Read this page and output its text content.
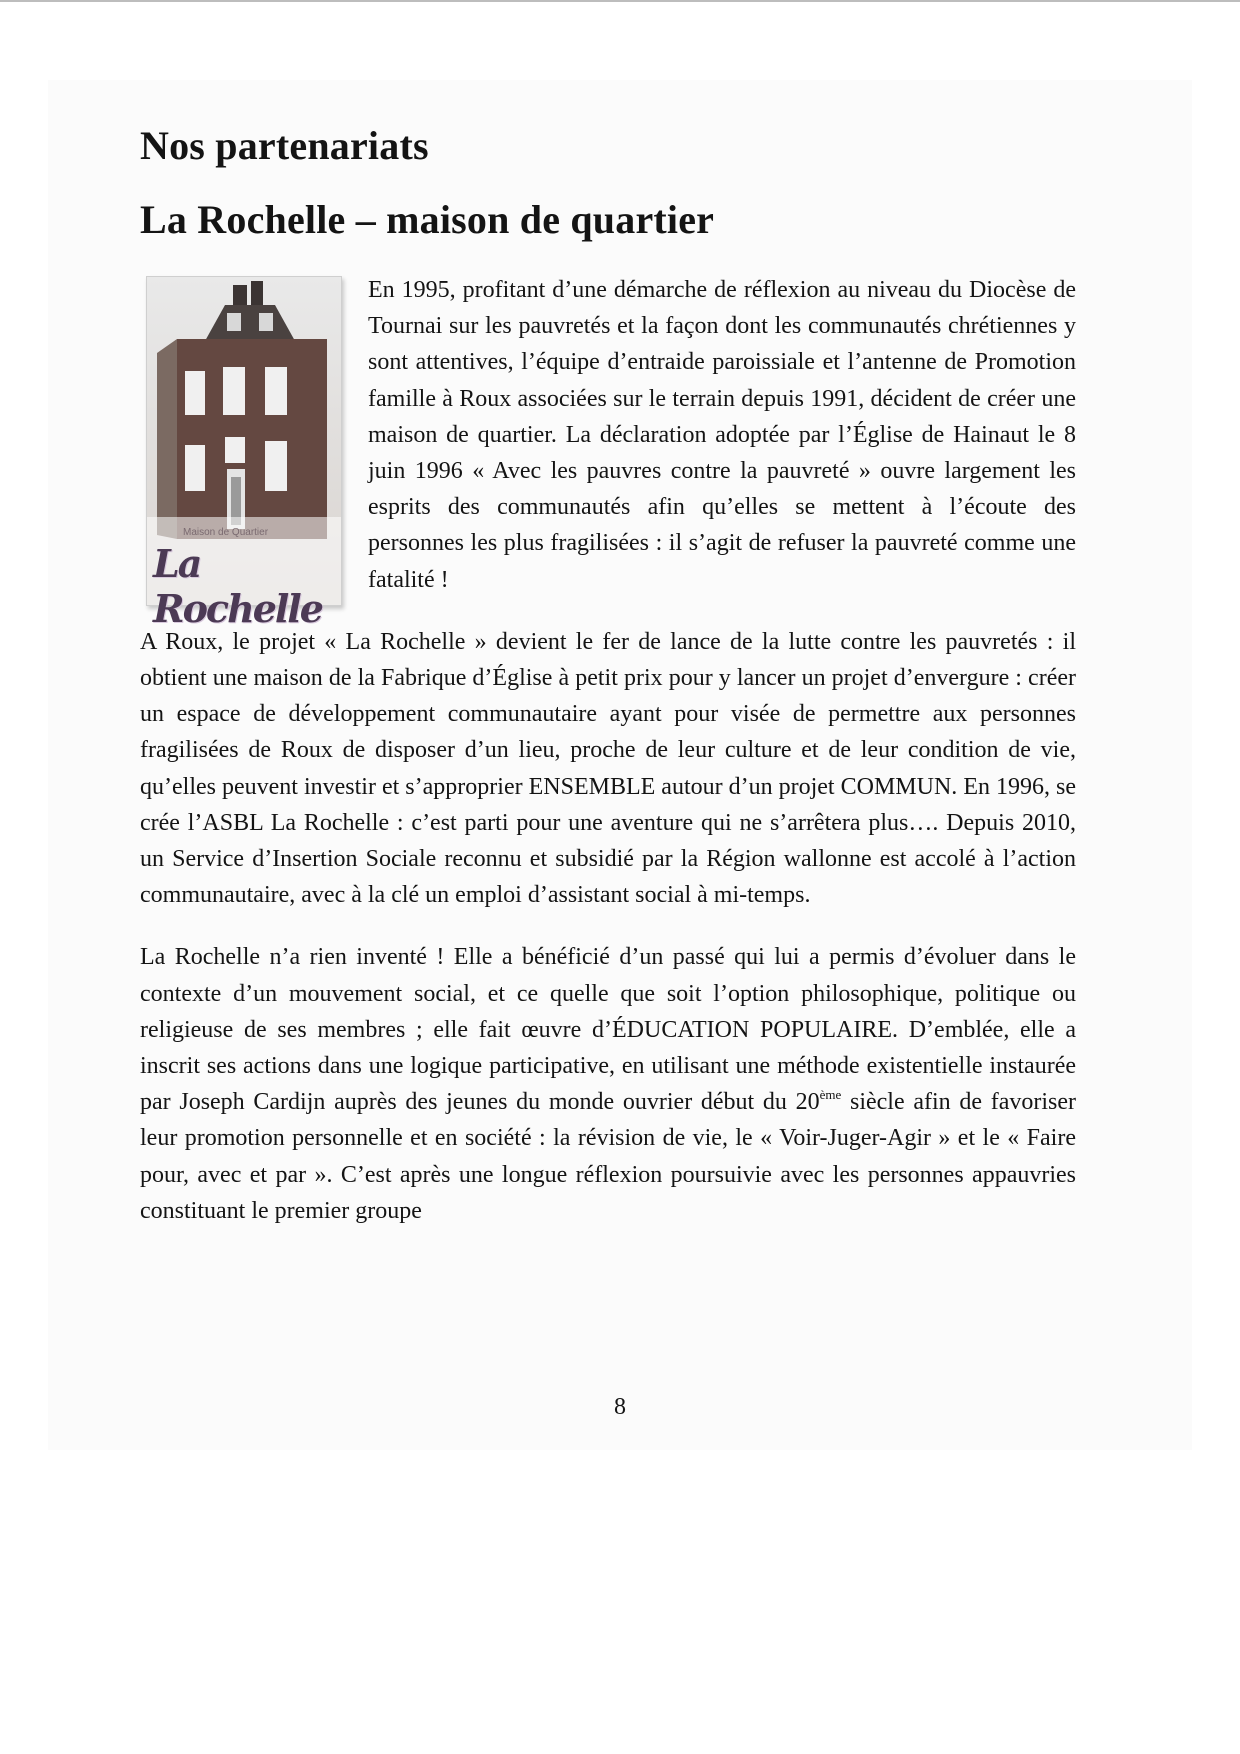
Nos partenariats
La Rochelle – maison de quartier
Maison de Quartier
La Rochelle

En 1995, profitant d’une démarche de réflexion au niveau du Diocèse de Tournai sur les pauvretés et la façon dont les communautés chrétiennes y sont attentives, l’équipe d’entraide paroissiale et l’antenne de Promotion famille à Roux associées sur le terrain depuis 1991, décident de créer une maison de quartier. La déclaration adoptée par l’Église de Hainaut le 8 juin 1996 « Avec les pauvres contre la pauvreté » ouvre largement les esprits des communautés afin qu’elles se mettent à l’écoute des personnes les plus fragilisées : il s’agit de refuser la pauvreté comme une fatalité !

A Roux, le projet « La Rochelle » devient le fer de lance de la lutte contre les pauvretés : il obtient une maison de la Fabrique d’Église à petit prix pour y lancer un projet d’envergure : créer un espace de développement communautaire ayant pour visée de permettre aux personnes fragilisées de Roux de disposer d’un lieu, proche de leur culture et de leur condition de vie, qu’elles peuvent investir et s’approprier ENSEMBLE autour d’un projet COMMUN. En 1996, se crée l’ASBL La Rochelle : c’est parti pour une aventure qui ne s’arrêtera plus…. Depuis 2010, un Service d’Insertion Sociale reconnu et subsidié par la Région wallonne est accolé à l’action communautaire, avec à la clé un emploi d’assistant social à mi-temps.

La Rochelle n’a rien inventé ! Elle a bénéficié d’un passé qui lui a permis d’évoluer dans le contexte d’un mouvement social, et ce quelle que soit l’option philosophique, politique ou religieuse de ses membres ; elle fait œuvre d’ÉDUCATION POPULAIRE. D’emblée, elle a inscrit ses actions dans une logique participative, en utilisant une méthode existentielle instaurée par Joseph Cardijn auprès des jeunes du monde ouvrier début du 20ème siècle afin de favoriser leur promotion personnelle et en société : la révision de vie, le « Voir-Juger-Agir » et le « Faire pour, avec et par ». C’est après une longue réflexion poursuivie avec les personnes appauvries constituant le premier groupe

8
